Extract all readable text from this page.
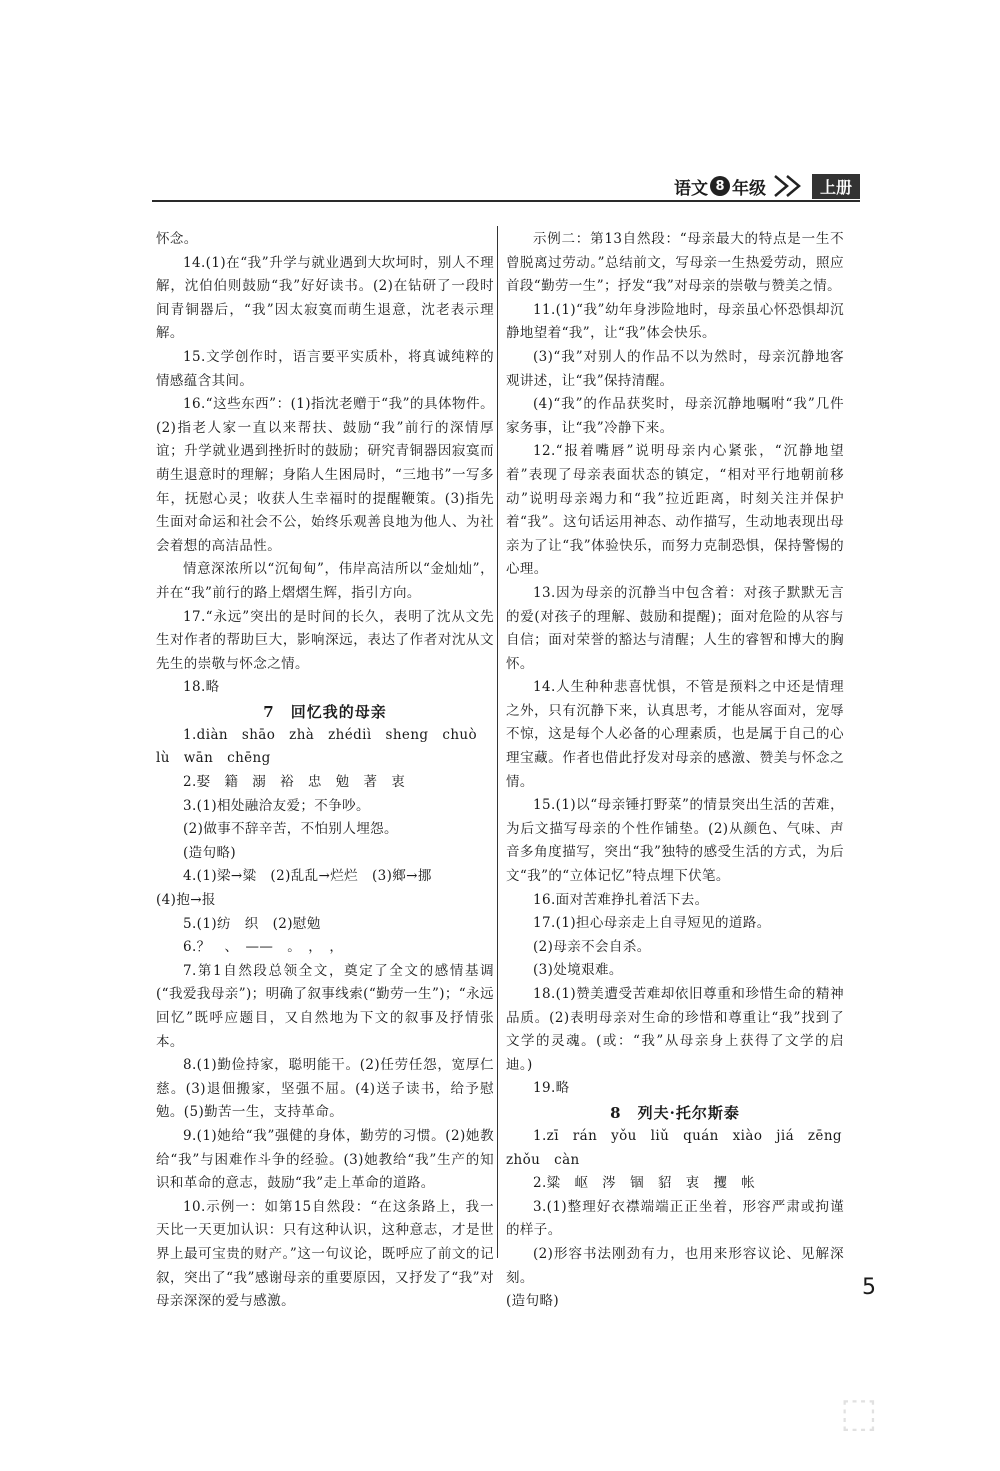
语文 8 年级	上册

怀念。

14.(1)在“我”升学与就业遇到大坎坷时，别人不理解，沈伯伯则鼓励“我”好好读书。(2)在钻研了一段时间青铜器后，“我”因太寂寞而萌生退意，沈老表示理解。

15.文学创作时，语言要平实质朴，将真诚纯粹的情感蕴含其间。

16.“这些东西”：(1)指沈老赠于“我”的具体物件。(2)指老人家一直以来帮扶、鼓励“我”前行的深情厚谊；升学就业遇到挫折时的鼓励；研究青铜器因寂寞而萌生退意时的理解；身陷人生困局时，“三地书”一写多年，抚慰心灵；收获人生幸福时的提醒鞭策。(3)指先生面对命运和社会不公，始终乐观善良地为他人、为社会着想的高洁品性。

情意深浓所以“沉甸甸”，伟岸高洁所以“金灿灿”，并在“我”前行的路上熠熠生辉，指引方向。

17.“永远”突出的是时间的长久，表明了沈从文先生对作者的帮助巨大，影响深远，表达了作者对沈从文先生的崇敬与怀念之情。

18.略

7　回忆我的母亲

1.diàn　shāo　zhà　zhédiì　sheng　chuò

lù　wān　chēng

2.娶　籍　溺　裕　忠　勉　著　衷

3.(1)相处融洽友爱；不争吵。

(2)做事不辞辛苦，不怕别人埋怨。

(造句略)

4.(1)梁→粱　(2)乱乱→烂烂　(3)鄉→挪

(4)抱→报

5.(1)纺　织　(2)慰勉

6.？　、　——　。　，　，

7.第1自然段总领全文，奠定了全文的感情基调(“我爱我母亲”)；明确了叙事线索(“勤劳一生”)；“永远回忆”既呼应题目，又自然地为下文的叙事及抒情张本。

8.(1)勤俭持家，聪明能干。(2)任劳任怨，宽厚仁慈。(3)退佃搬家，坚强不屈。(4)送子读书，给予慰勉。(5)勤苦一生，支持革命。

9.(1)她给“我”强健的身体，勤劳的习惯。(2)她教给“我”与困难作斗争的经验。(3)她教给“我”生产的知识和革命的意志，鼓励“我”走上革命的道路。

10.示例一：如第15自然段：“在这条路上，我一天比一天更加认识：只有这种认识，这种意志，才是世界上最可宝贵的财产。”这一句议论，既呼应了前文的记叙，突出了“我”感谢母亲的重要原因，又抒发了“我”对母亲深深的爱与感激。

示例二：第13自然段：“母亲最大的特点是一生不曾脱离过劳动。”总结前文，写母亲一生热爱劳动，照应首段“勤劳一生”；抒发“我”对母亲的崇敬与赞美之情。

11.(1)“我”幼年身涉险地时，母亲虽心怀恐惧却沉静地望着“我”，让“我”体会快乐。

(3)“我”对别人的作品不以为然时，母亲沉静地客观讲述，让“我”保持清醒。

(4)“我”的作品获奖时，母亲沉静地嘱咐“我”几件家务事，让“我”冷静下来。

12.“报着嘴唇”说明母亲内心紧张，“沉静地望着”表现了母亲表面状态的镇定，“相对平行地朝前移动”说明母亲竭力和“我”拉近距离，时刻关注并保护着“我”。这句话运用神态、动作描写，生动地表现出母亲为了让“我”体验快乐，而努力克制恐惧，保持警惕的心理。

13.因为母亲的沉静当中包含着：对孩子默默无言的爱(对孩子的理解、鼓励和提醒)；面对危险的从容与自信；面对荣誉的豁达与清醒；人生的睿智和博大的胸怀。

14.人生种种悲喜忧惧，不管是预料之中还是情理之外，只有沉静下来，认真思考，才能从容面对，宠辱不惊，这是每个人必备的心理素质，也是属于自己的心理宝藏。作者也借此抒发对母亲的感激、赞美与怀念之情。

15.(1)以“母亲锤打野菜”的情景突出生活的苦难，为后文描写母亲的个性作铺垫。(2)从颜色、气味、声音多角度描写，突出“我”独特的感受生活的方式，为后文“我”的“立体记忆”特点埋下伏笔。

16.面对苦难挣扎着活下去。

17.(1)担心母亲走上自寻短见的道路。

(2)母亲不会自杀。

(3)处境艰难。

18.(1)赞美遭受苦难却依旧尊重和珍惜生命的精神品质。(2)表明母亲对生命的珍惜和尊重让“我”找到了文学的灵魂。(或：“我”从母亲身上获得了文学的启迪。)

19.略

8　列夫·托尔斯泰

1.zī　rán　yǒu　liǔ　quán　xiào　jiá　zēng

zhǒu　càn

2.粱　岖　涔　锢　貂　衷　攫　帐

3.(1)整理好衣襟端端正正坐着，形容严肃或拘谨的样子。

(2)形容书法刚劲有力，也用来形容议论、见解深刻。

(造句略)

5
⬚
